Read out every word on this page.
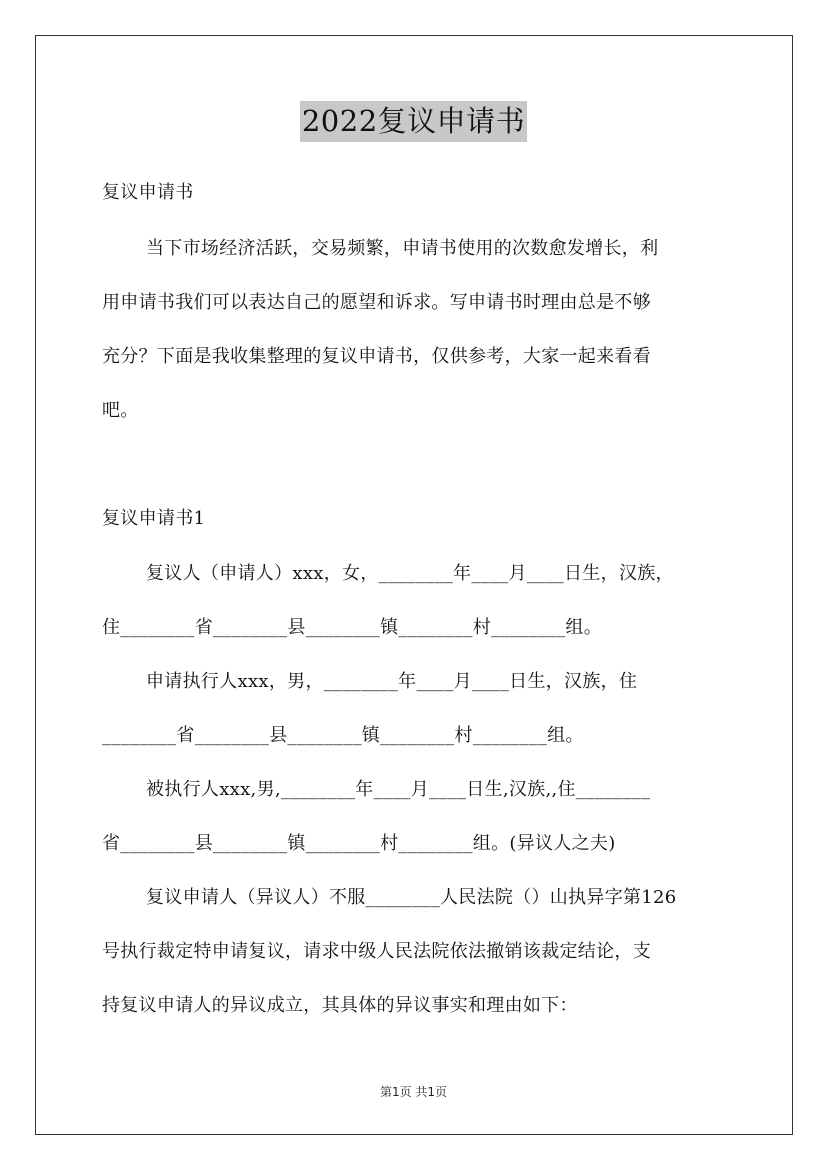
2022复议申请书
复议申请书
当下市场经济活跃，交易频繁，申请书使用的次数愈发增长，利
用申请书我们可以表达自己的愿望和诉求。写申请书时理由总是不够
充分？下面是我收集整理的复议申请书，仅供参考，大家一起来看看
吧。
复议申请书1
复议人（申请人）xxx，女，________年____月____日生，汉族，
住________省________县________镇________村________组。
申请执行人xxx，男，________年____月____日生，汉族，住
________省________县________镇________村________组。
被执行人xxx,男,________年____月____日生,汉族,,住________
省________县________镇________村________组。(异议人之夫)
复议申请人（异议人）不服________人民法院（）山执异字第126
号执行裁定特申请复议，请求中级人民法院依法撤销该裁定结论，支
持复议申请人的异议成立，其具体的异议事实和理由如下：
第1页 共1页
